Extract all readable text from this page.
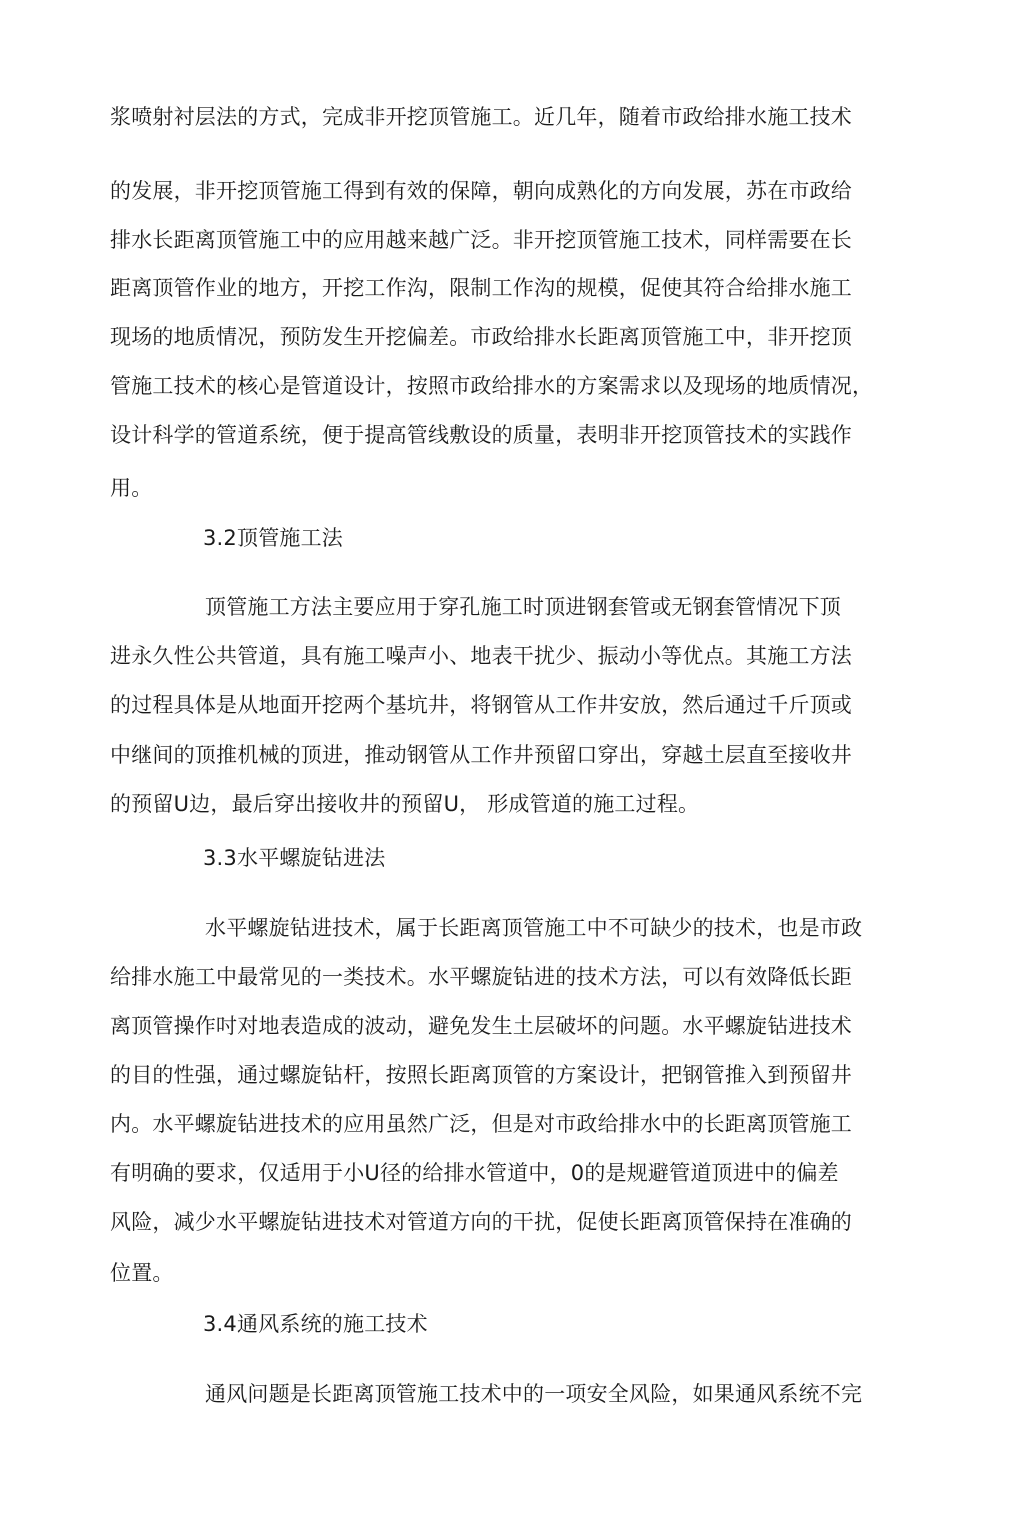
浆喷射衬层法的方式，完成非开挖顶管施工。近几年，随着市政给排水施工技术
的发展，非开挖顶管施工得到有效的保障，朝向成熟化的方向发展，苏在市政给
排水长距离顶管施工中的应用越来越广泛。非开挖顶管施工技术，同样需要在长
距离顶管作业的地方，开挖工作沟，限制工作沟的规模，促使其符合给排水施工
现场的地质情况，预防发生开挖偏差。市政给排水长距离顶管施工中，非开挖顶
管施工技术的核心是管道设计，按照市政给排水的方案需求以及现场的地质情况，
设计科学的管道系统，便于提高管线敷设的质量，表明非开挖顶管技术的实践作
用。
3.2顶管施工法
顶管施工方法主要应用于穿孔施工时顶进钢套管或无钢套管情况下顶
进永久性公共管道，具有施工噪声小、地表干扰少、振动小等优点。其施工方法
的过程具体是从地面开挖两个基坑井，将钢管从工作井安放，然后通过千斤顶或
中继间的顶推机械的顶进，推动钢管从工作井预留口穿出，穿越土层直至接收井
的预留U边，最后穿出接收井的预留U， 形成管道的施工过程。
3.3水平螺旋钻进法
水平螺旋钻进技术，属于长距离顶管施工中不可缺少的技术，也是市政
给排水施工中最常见的一类技术。水平螺旋钻进的技术方法，可以有效降低长距
离顶管操作吋对地表造成的波动，避免发生土层破坏的问题。水平螺旋钻进技术
的目的性强，通过螺旋钻杆，按照长距离顶管的方案设计，把钢管推入到预留井
内。水平螺旋钻进技术的应用虽然广泛，但是对市政给排水中的长距离顶管施工
有明确的要求，仅适用于小U径的给排水管道中，0的是规避管道顶进中的偏差
风险，减少水平螺旋钻进技术对管道方向的干扰，促使长距离顶管保持在准确的
位置。
3.4通风系统的施工技术
通风问题是长距离顶管施工技术中的一项安全风险，如果通风系统不完
